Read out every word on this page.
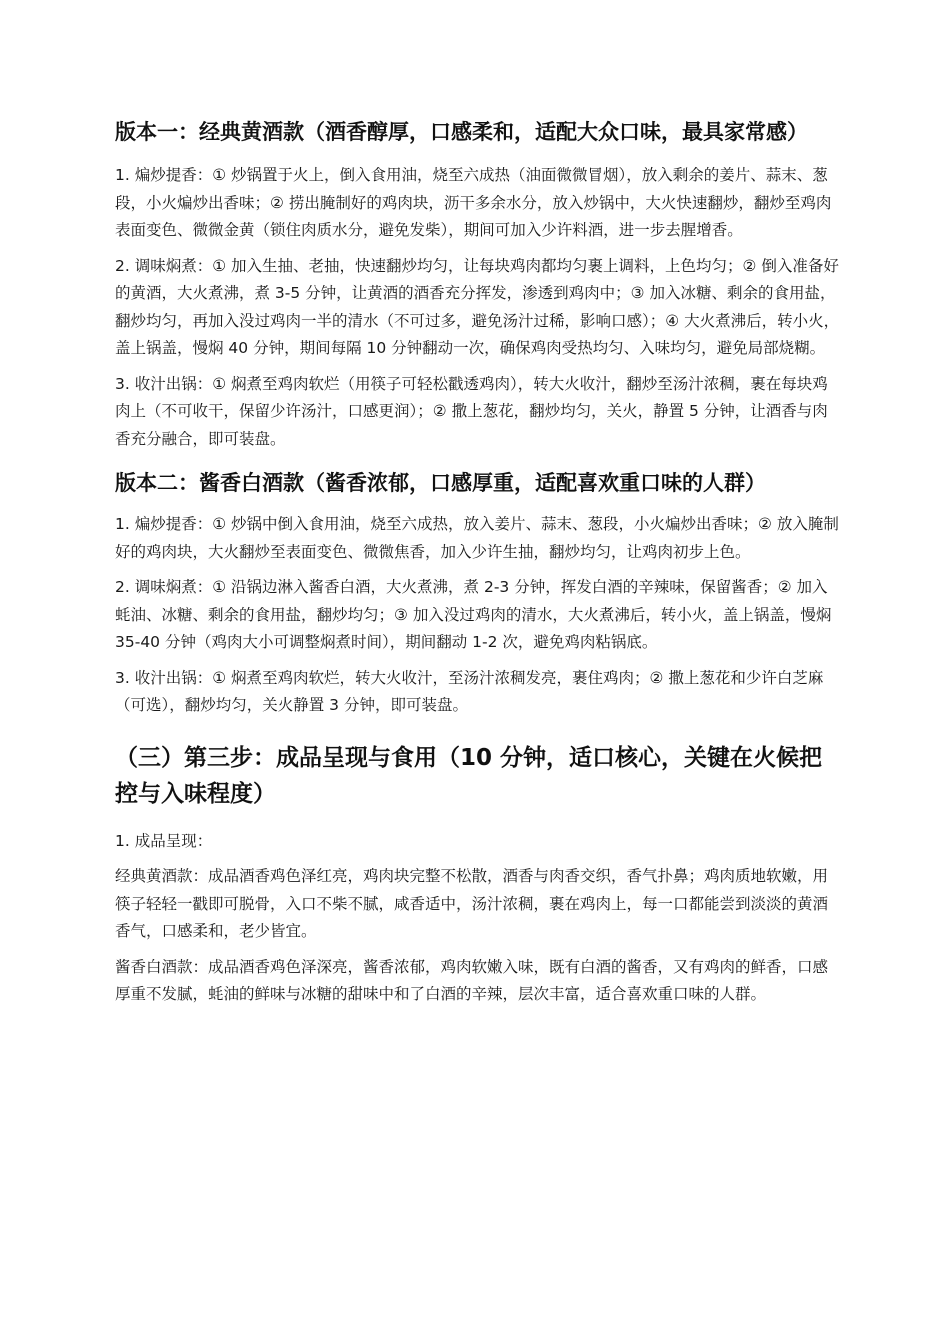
版本一：经典黄酒款（酒香醇厚，口感柔和，适配大众口味，最具家常感）

1. 煸炒提香：① 炒锅置于火上，倒入食用油，烧至六成热（油面微微冒烟），放入剩余的姜片、蒜末、葱段，小火煸炒出香味；② 捞出腌制好的鸡肉块，沥干多余水分，放入炒锅中，大火快速翻炒，翻炒至鸡肉表面变色、微微金黄（锁住肉质水分，避免发柴），期间可加入少许料酒，进一步去腥增香。

2. 调味焖煮：① 加入生抽、老抽，快速翻炒均匀，让每块鸡肉都均匀裹上调料，上色均匀；② 倒入准备好的黄酒，大火煮沸，煮 3-5 分钟，让黄酒的酒香充分挥发，渗透到鸡肉中；③ 加入冰糖、剩余的食用盐，翻炒均匀，再加入没过鸡肉一半的清水（不可过多，避免汤汁过稀，影响口感）；④ 大火煮沸后，转小火，盖上锅盖，慢焖 40 分钟，期间每隔 10 分钟翻动一次，确保鸡肉受热均匀、入味均匀，避免局部烧糊。

3. 收汁出锅：① 焖煮至鸡肉软烂（用筷子可轻松戳透鸡肉），转大火收汁，翻炒至汤汁浓稠，裹在每块鸡肉上（不可收干，保留少许汤汁，口感更润）；② 撒上葱花，翻炒均匀，关火，静置 5 分钟，让酒香与肉香充分融合，即可装盘。

版本二：酱香白酒款（酱香浓郁，口感厚重，适配喜欢重口味的人群）

1. 煸炒提香：① 炒锅中倒入食用油，烧至六成热，放入姜片、蒜末、葱段，小火煸炒出香味；② 放入腌制好的鸡肉块，大火翻炒至表面变色、微微焦香，加入少许生抽，翻炒均匀，让鸡肉初步上色。

2. 调味焖煮：① 沿锅边淋入酱香白酒，大火煮沸，煮 2-3 分钟，挥发白酒的辛辣味，保留酱香；② 加入蚝油、冰糖、剩余的食用盐，翻炒均匀；③ 加入没过鸡肉的清水，大火煮沸后，转小火，盖上锅盖，慢焖 35-40 分钟（鸡肉大小可调整焖煮时间），期间翻动 1-2 次，避免鸡肉粘锅底。

3. 收汁出锅：① 焖煮至鸡肉软烂，转大火收汁，至汤汁浓稠发亮，裹住鸡肉；② 撒上葱花和少许白芝麻（可选），翻炒均匀，关火静置 3 分钟，即可装盘。

（三）第三步：成品呈现与食用（10 分钟，适口核心，关键在火候把控与入味程度）

1. 成品呈现：

经典黄酒款：成品酒香鸡色泽红亮，鸡肉块完整不松散，酒香与肉香交织，香气扑鼻；鸡肉质地软嫩，用筷子轻轻一戳即可脱骨，入口不柴不腻，咸香适中，汤汁浓稠，裹在鸡肉上，每一口都能尝到淡淡的黄酒香气，口感柔和，老少皆宜。

酱香白酒款：成品酒香鸡色泽深亮，酱香浓郁，鸡肉软嫩入味，既有白酒的酱香，又有鸡肉的鲜香，口感厚重不发腻，蚝油的鲜味与冰糖的甜味中和了白酒的辛辣，层次丰富，适合喜欢重口味的人群。
